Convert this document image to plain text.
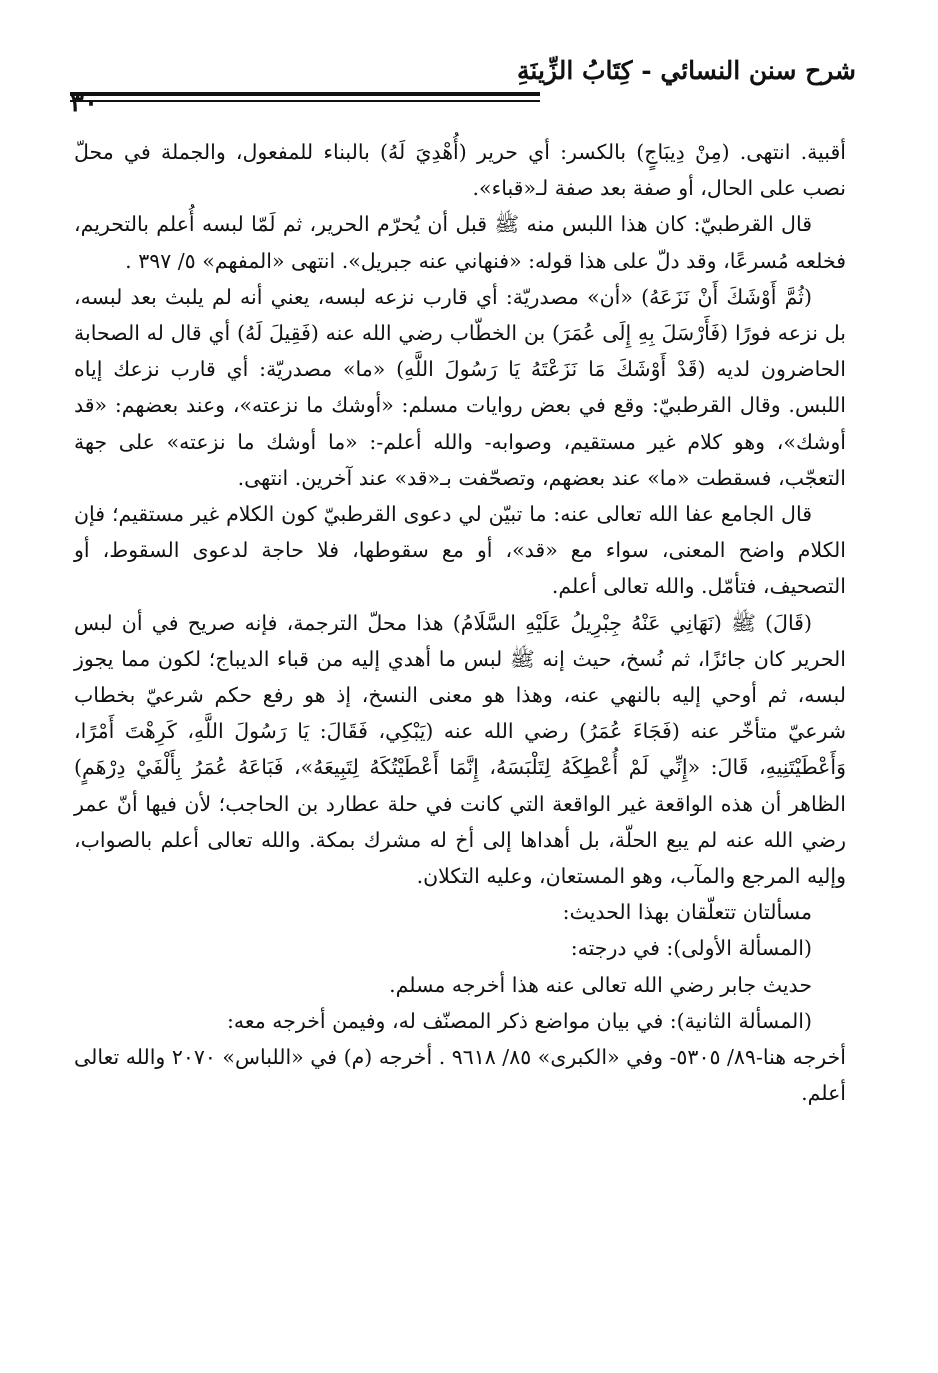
شرح سنن النسائي - كِتَابُ الزِّينَةِ
٣٠

أقبية. انتهى. (مِنْ دِيبَاجٍ) بالكسر: أي حرير (أُهْدِيَ لَهُ) بالبناء للمفعول، والجملة في محلّ نصب على الحال، أو صفة بعد صفة لـ«قباء».

قال القرطبيّ: كان هذا اللبس منه ﷺ قبل أن يُحرّم الحرير، ثم لَمّا لبسه أُعلم بالتحريم، فخلعه مُسرعًا، وقد دلّ على هذا قوله: «فنهاني عنه جبريل». انتهى «المفهم» ٥/ ٣٩٧ .

(ثُمَّ أَوْشَكَ أَنْ نَزَعَهُ) «أن» مصدريّة: أي قارب نزعه لبسه، يعني أنه لم يلبث بعد لبسه، بل نزعه فورًا (فَأَرْسَلَ بِهِ إِلَى عُمَرَ) بن الخطّاب رضي الله عنه (فَقِيلَ لَهُ) أي قال له الصحابة الحاضرون لديه (قَدْ أَوْشَكَ مَا نَزَعْتَهُ يَا رَسُولَ اللَّهِ) «ما» مصدريّة: أي قارب نزعك إياه اللبس. وقال القرطبيّ: وقع في بعض روايات مسلم: «أوشك ما نزعته»، وعند بعضهم: «قد أوشك»، وهو كلام غير مستقيم، وصوابه- والله أعلم-: «ما أوشك ما نزعته» على جهة التعجّب، فسقطت «ما» عند بعضهم، وتصحّفت بـ«قد» عند آخرين. انتهى.

قال الجامع عفا الله تعالى عنه: ما تبيّن لي دعوى القرطبيّ كون الكلام غير مستقيم؛ فإن الكلام واضح المعنى، سواء مع «قد»، أو مع سقوطها، فلا حاجة لدعوى السقوط، أو التصحيف، فتأمّل. والله تعالى أعلم.

(قَالَ) ﷺ (نَهَانِي عَنْهُ جِبْرِيلُ عَلَيْهِ السَّلَامُ) هذا محلّ الترجمة، فإنه صريح في أن لبس الحرير كان جائزًا، ثم نُسخ، حيث إنه ﷺ لبس ما أهدي إليه من قباء الديباج؛ لكون مما يجوز لبسه، ثم أوحي إليه بالنهي عنه، وهذا هو معنى النسخ، إذ هو رفع حكم شرعيّ بخطاب شرعيّ متأخّر عنه (فَجَاءَ عُمَرُ) رضي الله عنه (يَبْكِي، فَقَالَ: يَا رَسُولَ اللَّهِ، كَرِهْتَ أَمْرًا، وَأَعْطَيْتَنِيهِ، قَالَ: «إِنِّي لَمْ أُعْطِكَهُ لِتَلْبَسَهُ، إِنَّمَا أَعْطَيْتُكَهُ لِتَبِيعَهُ»، فَبَاعَهُ عُمَرُ بِأَلْفَيْ دِرْهَمٍ) الظاهر أن هذه الواقعة غير الواقعة التي كانت في حلة عطارد بن الحاجب؛ لأن فيها أنّ عمر رضي الله عنه لم يبع الحلّة، بل أهداها إلى أخ له مشرك بمكة. والله تعالى أعلم بالصواب، وإليه المرجع والمآب، وهو المستعان، وعليه التكلان.

مسألتان تتعلّقان بهذا الحديث:

(المسألة الأولى): في درجته:

حديث جابر رضي الله تعالى عنه هذا أخرجه مسلم.

(المسألة الثانية): في بيان مواضع ذكر المصنّف له، وفيمن أخرجه معه:

أخرجه هنا-٨٩/ ٥٣٠٥- وفي «الكبرى» ٨٥/ ٩٦١٨ . أخرجه (م) في «اللباس» ٢٠٧٠ والله تعالى أعلم.
